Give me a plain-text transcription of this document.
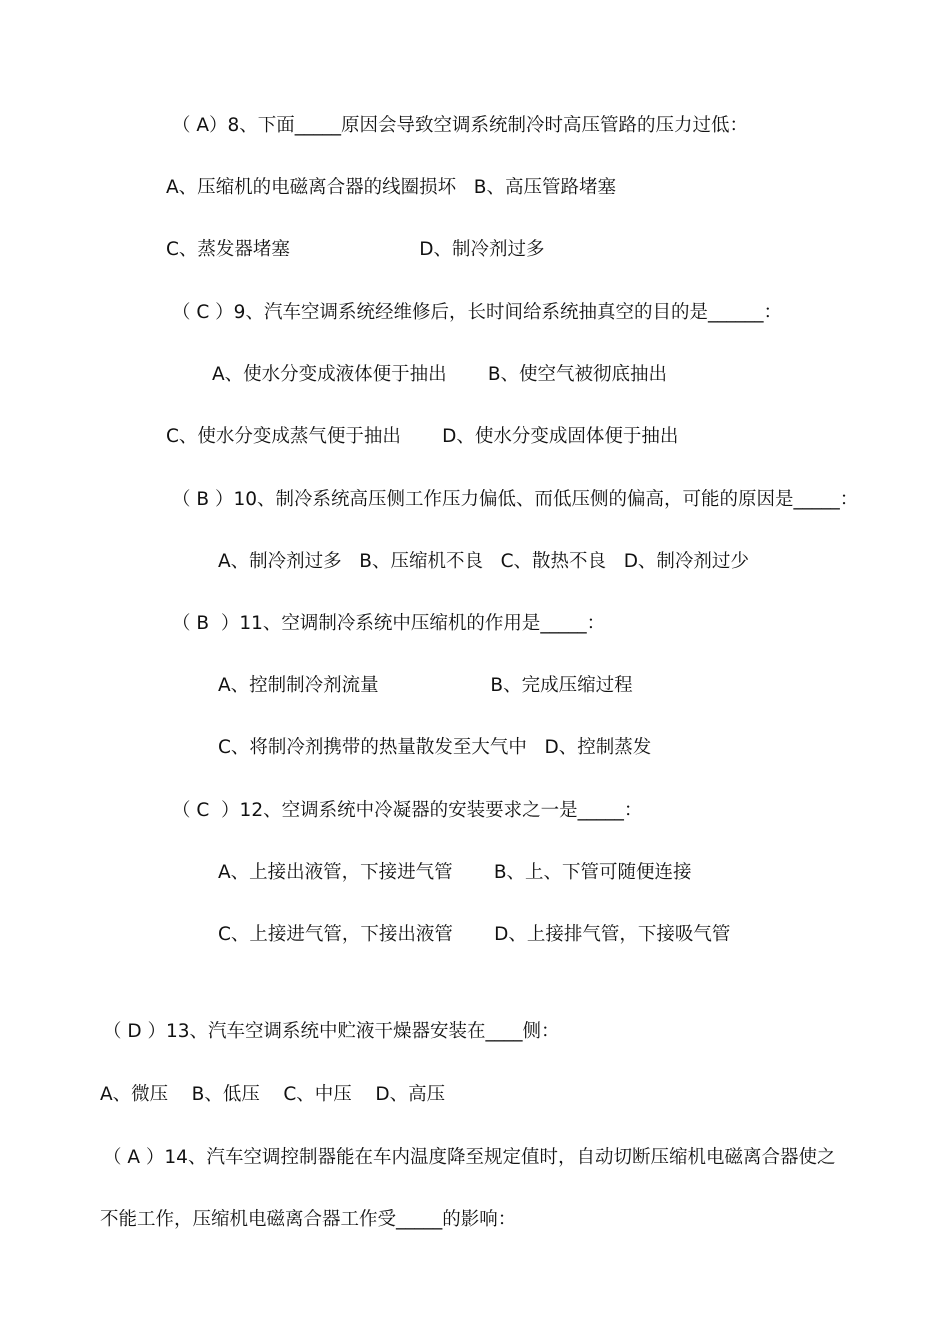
（ A）8、下面_____原因会导致空调系统制冷时高压管路的压力过低：

A、压缩机的电磁离合器的线圈损坏   B、高压管路堵塞

C、蒸发器堵塞                      D、制冷剂过多

（ C ）9、汽车空调系统经维修后，长时间给系统抽真空的目的是______：

A、使水分变成液体便于抽出       B、使空气被彻底抽出

C、使水分变成蒸气便于抽出       D、使水分变成固体便于抽出

（ B ）10、制冷系统高压侧工作压力偏低、而低压侧的偏高，可能的原因是_____：

A、制冷剂过多   B、压缩机不良   C、散热不良   D、制冷剂过少

（ B  ）11、空调制冷系统中压缩机的作用是_____：

A、控制制冷剂流量                   B、完成压缩过程

C、将制冷剂携带的热量散发至大气中   D、控制蒸发

（ C  ）12、空调系统中冷凝器的安装要求之一是_____：

A、上接出液管，下接进气管       B、上、下管可随便连接

C、上接进气管，下接出液管       D、上接排气管，下接吸气管

（ D ）13、汽车空调系统中贮液干燥器安装在____侧：

A、微压    B、低压    C、中压    D、高压

（ A ）14、汽车空调控制器能在车内温度降至规定值时，自动切断压缩机电磁离合器使之

不能工作，压缩机电磁离合器工作受_____的影响：
